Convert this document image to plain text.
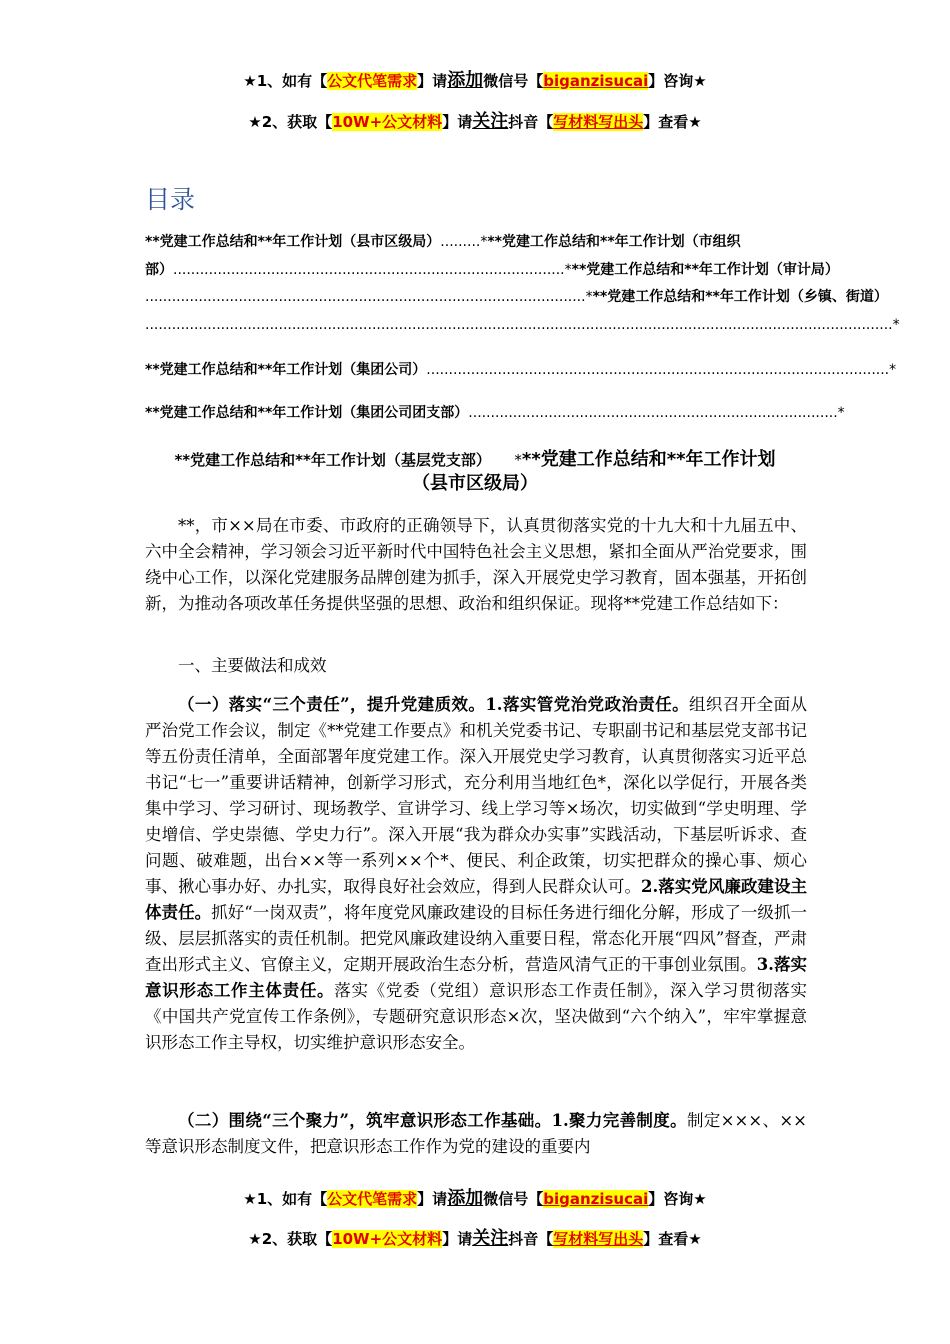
★1、如有【公文代笔需求】请添加微信号【biganzisucai】咨询★
★2、获取【10W+公文材料】请关注抖音【写材料写出头】查看★
目录
**党建工作总结和**年工作计划（县市区级局）.........***党建工作总结和**年工作计划（市组织
部）........................................................................................***党建工作总结和**年工作计划（审计局）
...................................................................................................***党建工作总结和**年工作计划（乡镇、街道）
........................................................................................................................................................................*
**党建工作总结和**年工作计划（集团公司）........................................................................................................*
**党建工作总结和**年工作计划（集团公司团支部）...................................................................................*
**党建工作总结和**年工作计划（基层党支部） ***党建工作总结和**年工作计划
（县市区级局）

**，市××局在市委、市政府的正确领导下，认真贯彻落实党的十九大和十九届五中、六中全会精神，学习领会习近平新时代中国特色社会主义思想，紧扣全面从严治党要求，围绕中心工作，以深化党建服务品牌创建为抓手，深入开展党史学习教育，固本强基，开拓创新，为推动各项改革任务提供坚强的思想、政治和组织保证。现将**党建工作总结如下：

一、主要做法和成效

（一）落实“三个责任”，提升党建质效。1.落实管党治党政治责任。组织召开全面从严治党工作会议，制定《**党建工作要点》和机关党委书记、专职副书记和基层党支部书记等五份责任清单，全面部署年度党建工作。深入开展党史学习教育，认真贯彻落实习近平总书记“七一”重要讲话精神，创新学习形式，充分利用当地红色*，深化以学促行，开展各类集中学习、学习研讨、现场教学、宣讲学习、线上学习等×场次，切实做到“学史明理、学史增信、学史崇德、学史力行”。深入开展“我为群众办实事”实践活动，下基层听诉求、查问题、破难题，出台××等一系列××个*、便民、利企政策，切实把群众的操心事、烦心事、揪心事办好、办扎实，取得良好社会效应，得到人民群众认可。2.落实党风廉政建设主体责任。抓好“一岗双责”，将年度党风廉政建设的目标任务进行细化分解，形成了一级抓一级、层层抓落实的责任机制。把党风廉政建设纳入重要日程，常态化开展“四风”督查，严肃查出形式主义、官僚主义，定期开展政治生态分析，营造风清气正的干事创业氛围。3.落实意识形态工作主体责任。落实《党委（党组）意识形态工作责任制》，深入学习贯彻落实《中国共产党宣传工作条例》，专题研究意识形态×次，坚决做到“六个纳入”，牢牢掌握意识形态工作主导权，切实维护意识形态安全。

（二）围绕“三个聚力”，筑牢意识形态工作基础。1.聚力完善制度。制定×××、××等意识形态制度文件，把意识形态工作作为党的建设的重要内

★1、如有【公文代笔需求】请添加微信号【biganzisucai】咨询★
★2、获取【10W+公文材料】请关注抖音【写材料写出头】查看★
